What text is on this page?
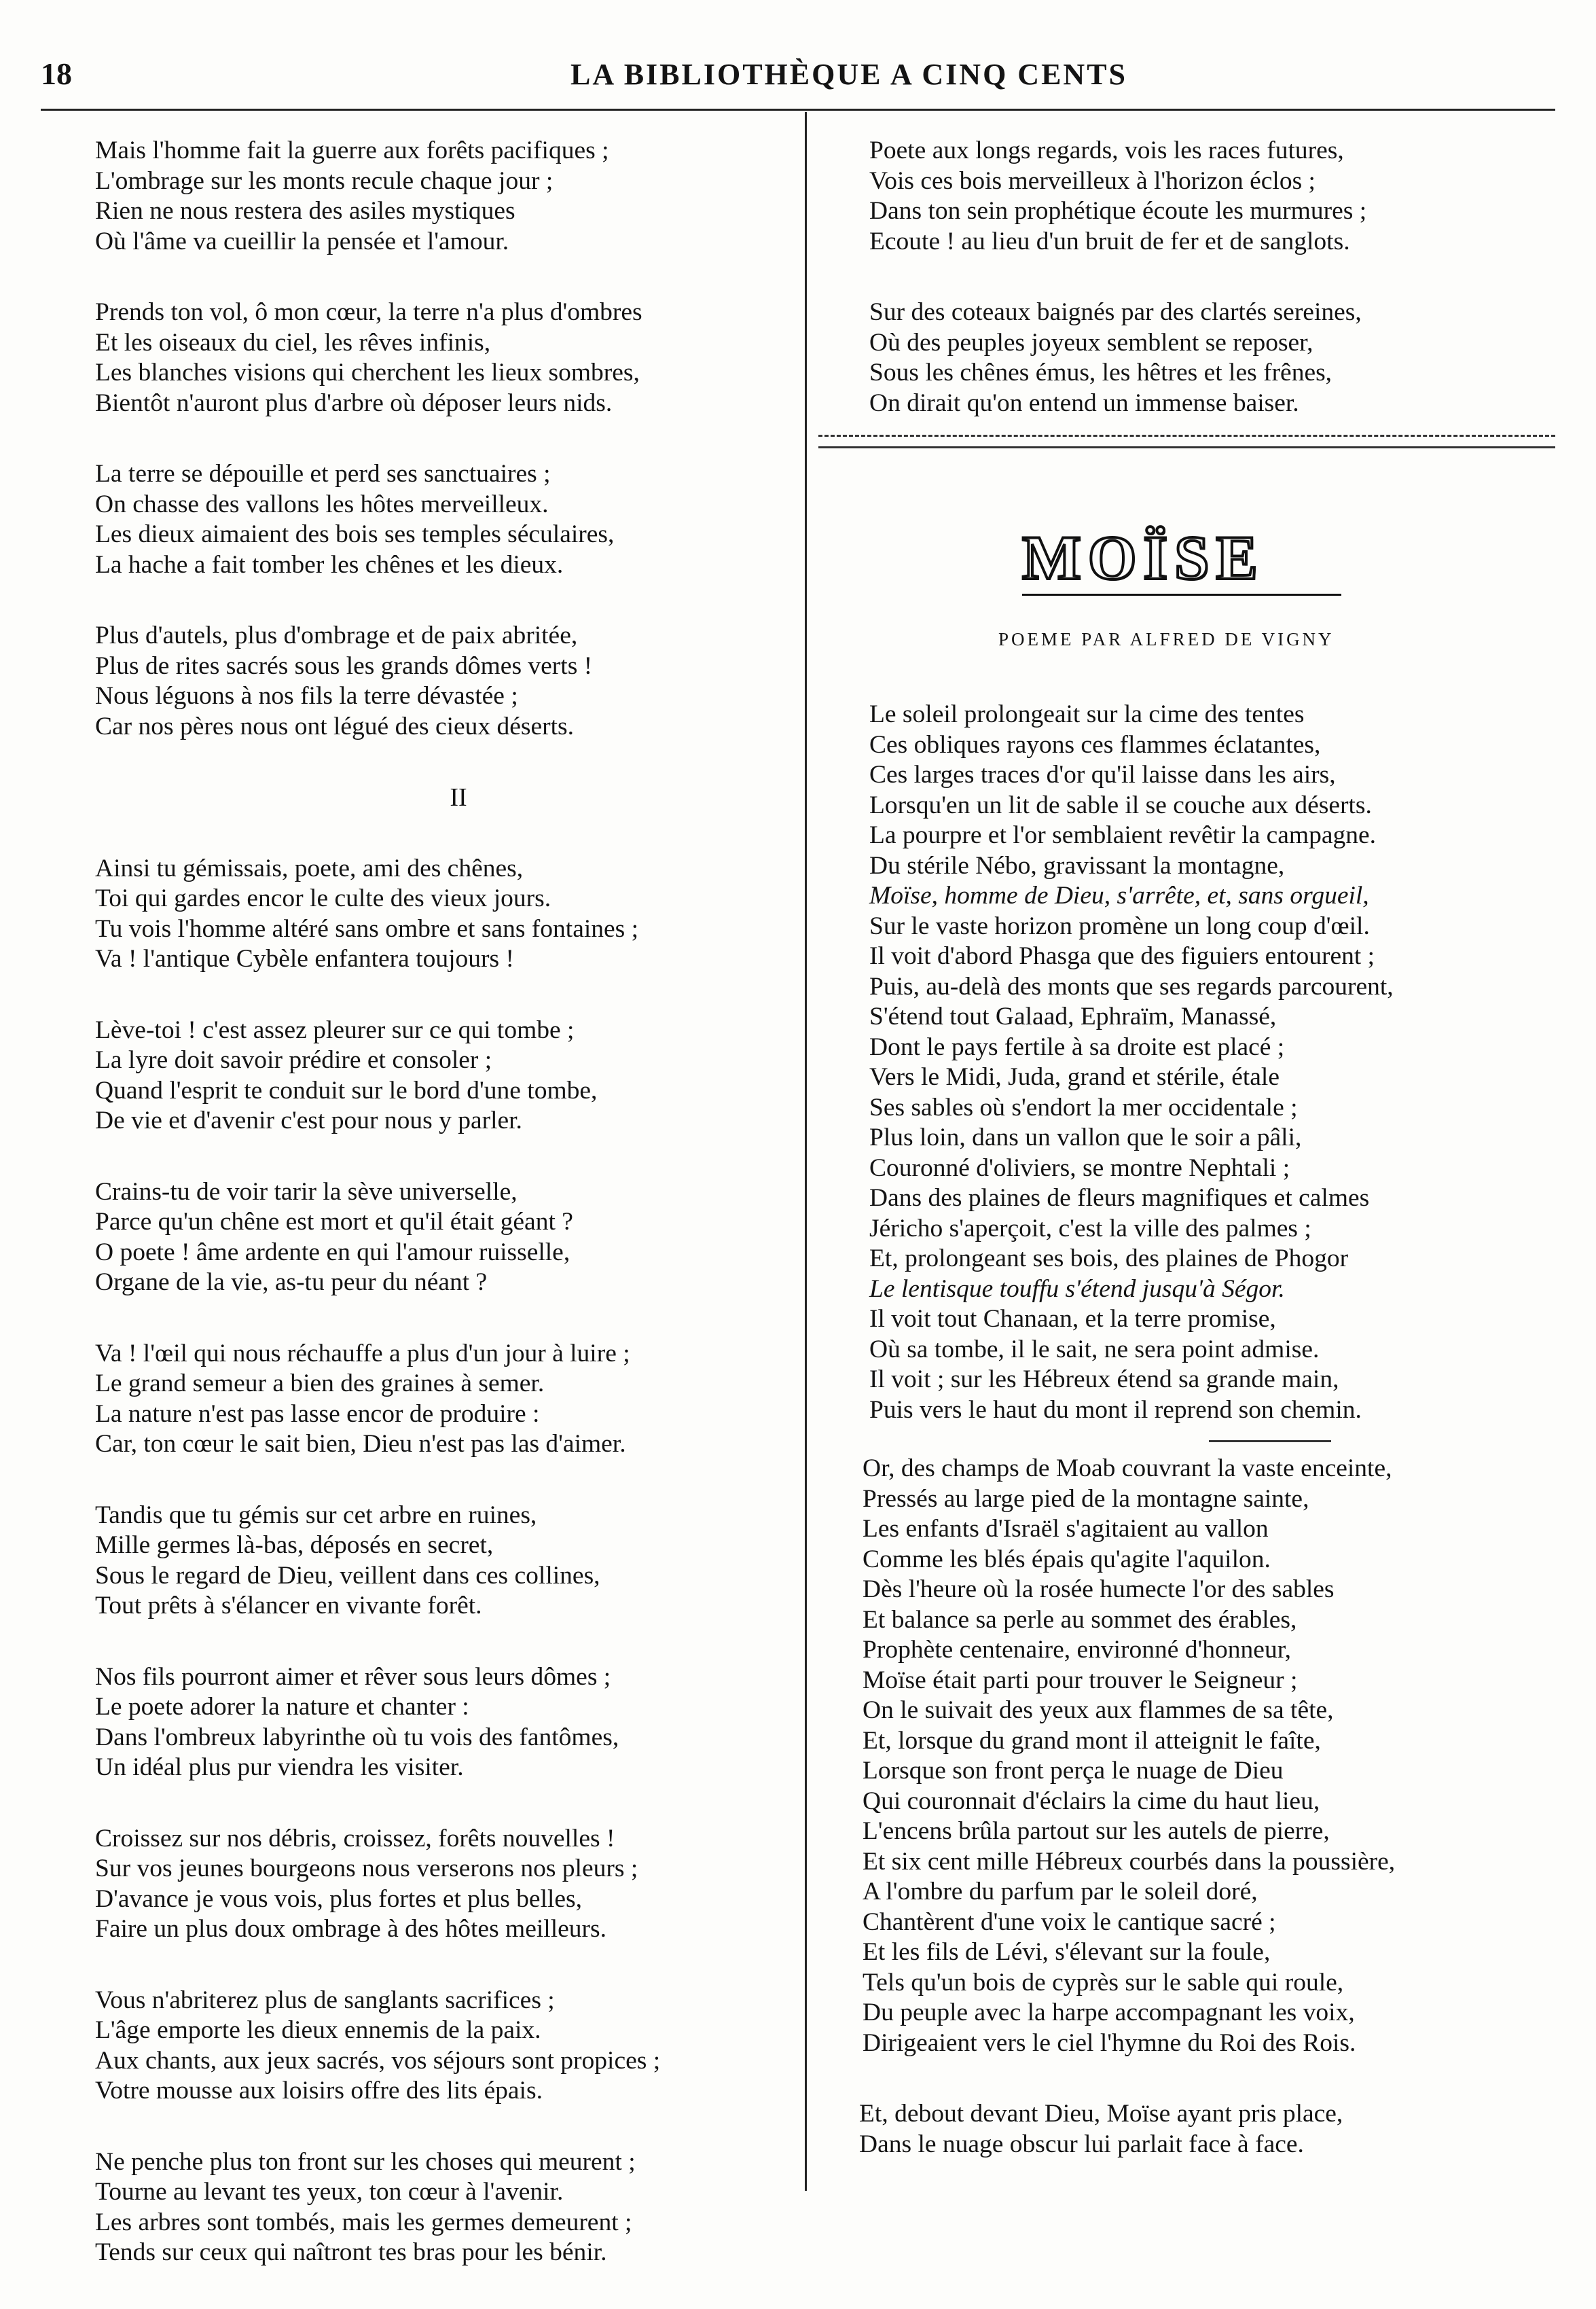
18	LA BIBLIOTHÈQUE A CINQ CENTS
Mais l'homme fait la guerre aux forêts pacifiques ;
L'ombrage sur les monts recule chaque jour ;
Rien ne nous restera des asiles mystiques
Où l'âme va cueillir la pensée et l'amour.
Prends ton vol, ô mon cœur, la terre n'a plus d'ombres
Et les oiseaux du ciel, les rêves infinis,
Les blanches visions qui cherchent les lieux sombres,
Bientôt n'auront plus d'arbre où déposer leurs nids.
La terre se dépouille et perd ses sanctuaires ;
On chasse des vallons les hôtes merveilleux.
Les dieux aimaient des bois ses temples séculaires,
La hache a fait tomber les chênes et les dieux.
Plus d'autels, plus d'ombrage et de paix abritée,
Plus de rites sacrés sous les grands dômes verts !
Nous léguons à nos fils la terre dévastée ;
Car nos pères nous ont légué des cieux déserts.
II
Ainsi tu gémissais, poete, ami des chênes,
Toi qui gardes encor le culte des vieux jours.
Tu vois l'homme altéré sans ombre et sans fontaines ;
Va ! l'antique Cybèle enfantera toujours !
Lève-toi ! c'est assez pleurer sur ce qui tombe ;
La lyre doit savoir prédire et consoler ;
Quand l'esprit te conduit sur le bord d'une tombe,
De vie et d'avenir c'est pour nous y parler.
Crains-tu de voir tarir la sève universelle,
Parce qu'un chêne est mort et qu'il était géant ?
O poete ! âme ardente en qui l'amour ruisselle,
Organe de la vie, as-tu peur du néant ?
Va ! l'œil qui nous réchauffe a plus d'un jour à luire ;
Le grand semeur a bien des graines à semer.
La nature n'est pas lasse encor de produire :
Car, ton cœur le sait bien, Dieu n'est pas las d'aimer.
Tandis que tu gémis sur cet arbre en ruines,
Mille germes là-bas, déposés en secret,
Sous le regard de Dieu, veillent dans ces collines,
Tout prêts à s'élancer en vivante forêt.
Nos fils pourront aimer et rêver sous leurs dômes ;
Le poete adorer la nature et chanter :
Dans l'ombreux labyrinthe où tu vois des fantômes,
Un idéal plus pur viendra les visiter.
Croissez sur nos débris, croissez, forêts nouvelles !
Sur vos jeunes bourgeons nous verserons nos pleurs ;
D'avance je vous vois, plus fortes et plus belles,
Faire un plus doux ombrage à des hôtes meilleurs.
Vous n'abriterez plus de sanglants sacrifices ;
L'âge emporte les dieux ennemis de la paix.
Aux chants, aux jeux sacrés, vos séjours sont propices ;
Votre mousse aux loisirs offre des lits épais.
Ne penche plus ton front sur les choses qui meurent ;
Tourne au levant tes yeux, ton cœur à l'avenir.
Les arbres sont tombés, mais les germes demeurent ;
Tends sur ceux qui naîtront tes bras pour les bénir.
Poete aux longs regards, vois les races futures,
Vois ces bois merveilleux à l'horizon éclos ;
Dans ton sein prophétique écoute les murmures ;
Ecoute ! au lieu d'un bruit de fer et de sanglots.
Sur des coteaux baignés par des clartés sereines,
Où des peuples joyeux semblent se reposer,
Sous les chênes émus, les hêtres et les frênes,
On dirait qu'on entend un immense baiser.
MOÏSE
POEME PAR ALFRED DE VIGNY
Le soleil prolongeait sur la cime des tentes
Ces obliques rayons ces flammes éclatantes,
Ces larges traces d'or qu'il laisse dans les airs,
Lorsqu'en un lit de sable il se couche aux déserts.
La pourpre et l'or semblaient revêtir la campagne.
Du stérile Nébo, gravissant la montagne,
Moïse, homme de Dieu, s'arrête, et, sans orgueil,
Sur le vaste horizon promène un long coup d'œil.
Il voit d'abord Phasga que des figuiers entourent ;
Puis, au-delà des monts que ses regards parcourent,
S'étend tout Galaad, Ephraïm, Manassé,
Dont le pays fertile à sa droite est placé ;
Vers le Midi, Juda, grand et stérile, étale
Ses sables où s'endort la mer occidentale ;
Plus loin, dans un vallon que le soir a pâli,
Couronné d'oliviers, se montre Nephtali ;
Dans des plaines de fleurs magnifiques et calmes
Jéricho s'aperçoit, c'est la ville des palmes ;
Et, prolongeant ses bois, des plaines de Phogor
Le lentisque touffu s'étend jusqu'à Ségor.
Il voit tout Chanaan, et la terre promise,
Où sa tombe, il le sait, ne sera point admise.
Il voit ; sur les Hébreux étend sa grande main,
Puis vers le haut du mont il reprend son chemin.
Or, des champs de Moab couvrant la vaste enceinte,
Pressés au large pied de la montagne sainte,
Les enfants d'Israël s'agitaient au vallon
Comme les blés épais qu'agite l'aquilon.
Dès l'heure où la rosée humecte l'or des sables
Et balance sa perle au sommet des érables,
Prophète centenaire, environné d'honneur,
Moïse était parti pour trouver le Seigneur ;
On le suivait des yeux aux flammes de sa tête,
Et, lorsque du grand mont il atteignit le faîte,
Lorsque son front perça le nuage de Dieu
Qui couronnait d'éclairs la cime du haut lieu,
L'encens brûla partout sur les autels de pierre,
Et six cent mille Hébreux courbés dans la poussière,
A l'ombre du parfum par le soleil doré,
Chantèrent d'une voix le cantique sacré ;
Et les fils de Lévi, s'élevant sur la foule,
Tels qu'un bois de cyprès sur le sable qui roule,
Du peuple avec la harpe accompagnant les voix,
Dirigeaient vers le ciel l'hymne du Roi des Rois.
Et, debout devant Dieu, Moïse ayant pris place,
Dans le nuage obscur lui parlait face à face.
